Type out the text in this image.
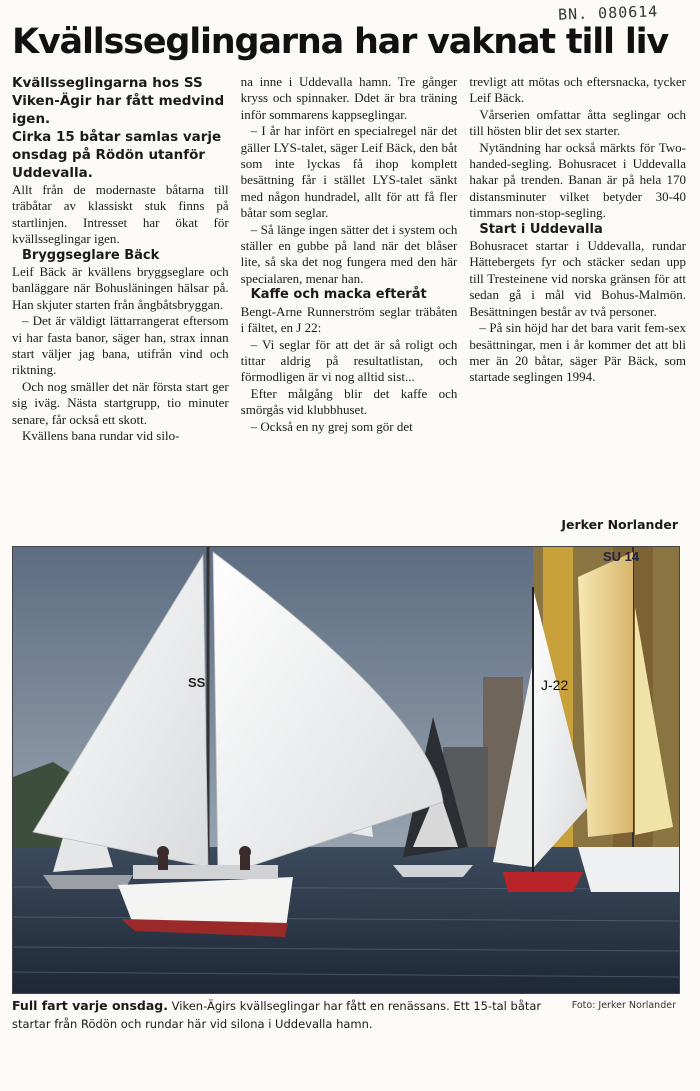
BN. 080614
Kvällsseglingarna har vaknat till liv

Kvällsseglingarna hos SS Viken-Ägir har fått medvind igen.

Cirka 15 båtar samlas varje onsdag på Rödön utanför Uddevalla.

Allt från de modernaste båtarna till träbåtar av klassiskt stuk finns på startlinjen. Intresset har ökat för kvällsseglingar igen.

Bryggseglare Bäck

Leif Bäck är kvällens bryggseglare och banläggare när Bohusläningen hälsar på. Han skjuter starten från ångbåtsbryggan.

– Det är väldigt lättarrangerat eftersom vi har fasta banor, säger han, strax innan start väljer jag bana, utifrån vind och riktning.

Och nog smäller det när första start ger sig iväg. Nästa startgrupp, tio minuter senare, får också ett skott.

Kvällens bana rundar vid silo-

na inne i Uddevalla hamn. Tre gånger kryss och spinnaker. Ddet är bra träning inför sommarens kappseglingar.

– I år har infört en specialregel när det gäller LYS-talet, säger Leif Bäck, den båt som inte lyckas få ihop komplett besättning får i stället LYS-talet sänkt med någon hundradel, allt för att få fler båtar som seglar.

– Så länge ingen sätter det i system och ställer en gubbe på land när det blåser lite, så ska det nog fungera med den här specialaren, menar han.

Kaffe och macka efteråt

Bengt-Arne Runnerström seglar träbåten i fältet, en J 22:

– Vi seglar för att det är så roligt och tittar aldrig på resultatlistan, och förmodligen är vi nog alltid sist...

Efter målgång blir det kaffe och smörgås vid klubbhuset.

– Också en ny grej som gör det

trevligt att mötas och eftersnacka, tycker Leif Bäck.

Vårserien omfattar åtta seglingar och till hösten blir det sex starter.

Nytändning har också märkts för Two-handed-segling. Bohusracet i Uddevalla hakar på trenden. Banan är på hela 170 distansminuter vilket betyder 30-40 timmars non-stop-segling.

Start i Uddevalla

Bohusracet startar i Uddevalla, rundar Hättebergets fyr och stäcker sedan upp till Tresteinene vid norska gränsen för att sedan gå i mål vid Bohus-Malmön. Besättningen består av två personer.

– På sin höjd har det bara varit fem-sex besättningar, men i år kommer det att bli mer än 20 båtar, säger Pär Bäck, som startade seglingen 1994.

Jerker Norlander
J-22
SU 14
SS
Full fart varje onsdag. Viken-Ägirs kvällseglingar har fått en renässans. Ett 15-tal båtar startar från Rödön och rundar här vid silona i Uddevalla hamn.
Foto: Jerker Norlander
